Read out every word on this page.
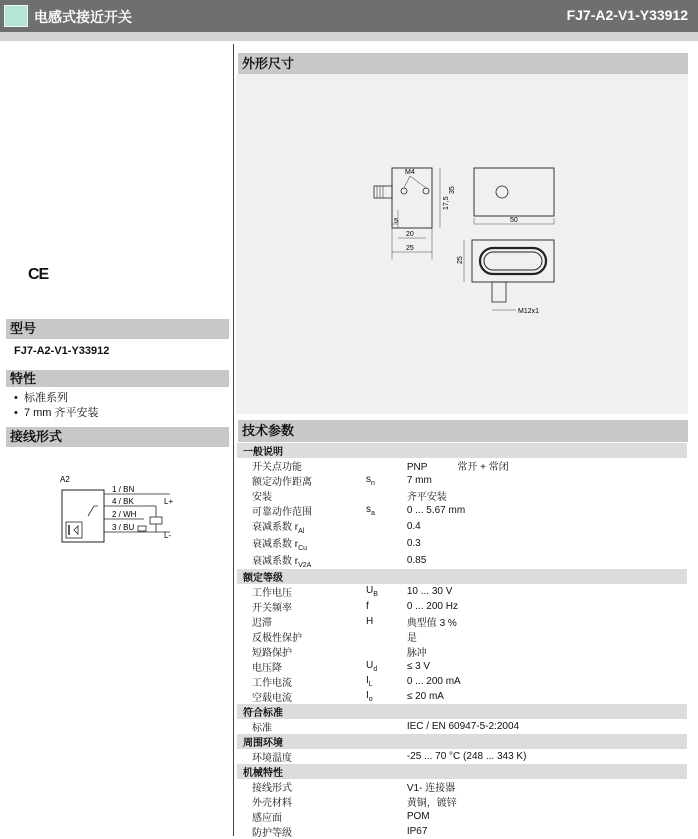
电感式接近开关	FJ7-A2-V1-Y33912
CE
型号
FJ7-A2-V1-Y33912
特性
•  标准系列
•  7 mm 齐平安装
接线形式
A2
1 / BN
4 / BK
2 / WH
3 / BU
L+
L-
外形尺寸
M4
5
20
25
35
17,5
50
25
M12x1
技术参数
一般说明		
开关点功能		PNP 常开 + 常闭
额定动作距离	$s_n$	7 mm
安装		齐平安装
可靠动作范围	$s_a$	0 ... 5.67 mm
衰减系数 $r_{Al}$		0.4
衰减系数 $r_{Cu}$		0.3
衰减系数 $r_{V2A}$		0.85
额定等级		
工作电压	$U_B$	10 ... 30 V
开关频率	f	0 ... 200 Hz
迟滞	H	典型值 3 %
反极性保护		是
短路保护		脉冲
电压降	$U_d$	≤ 3 V
工作电流	$I_L$	0 ... 200 mA
空载电流	$I_o$	≤ 20 mA
符合标准		
标准		IEC / EN 60947-5-2:2004
周围环境		
环境温度		-25 ... 70 °C (248 ... 343 K)
机械特性		
接线形式		V1- 连接器
外壳材料		黄铜，镀锌
感应面		POM
防护等级		IP67
